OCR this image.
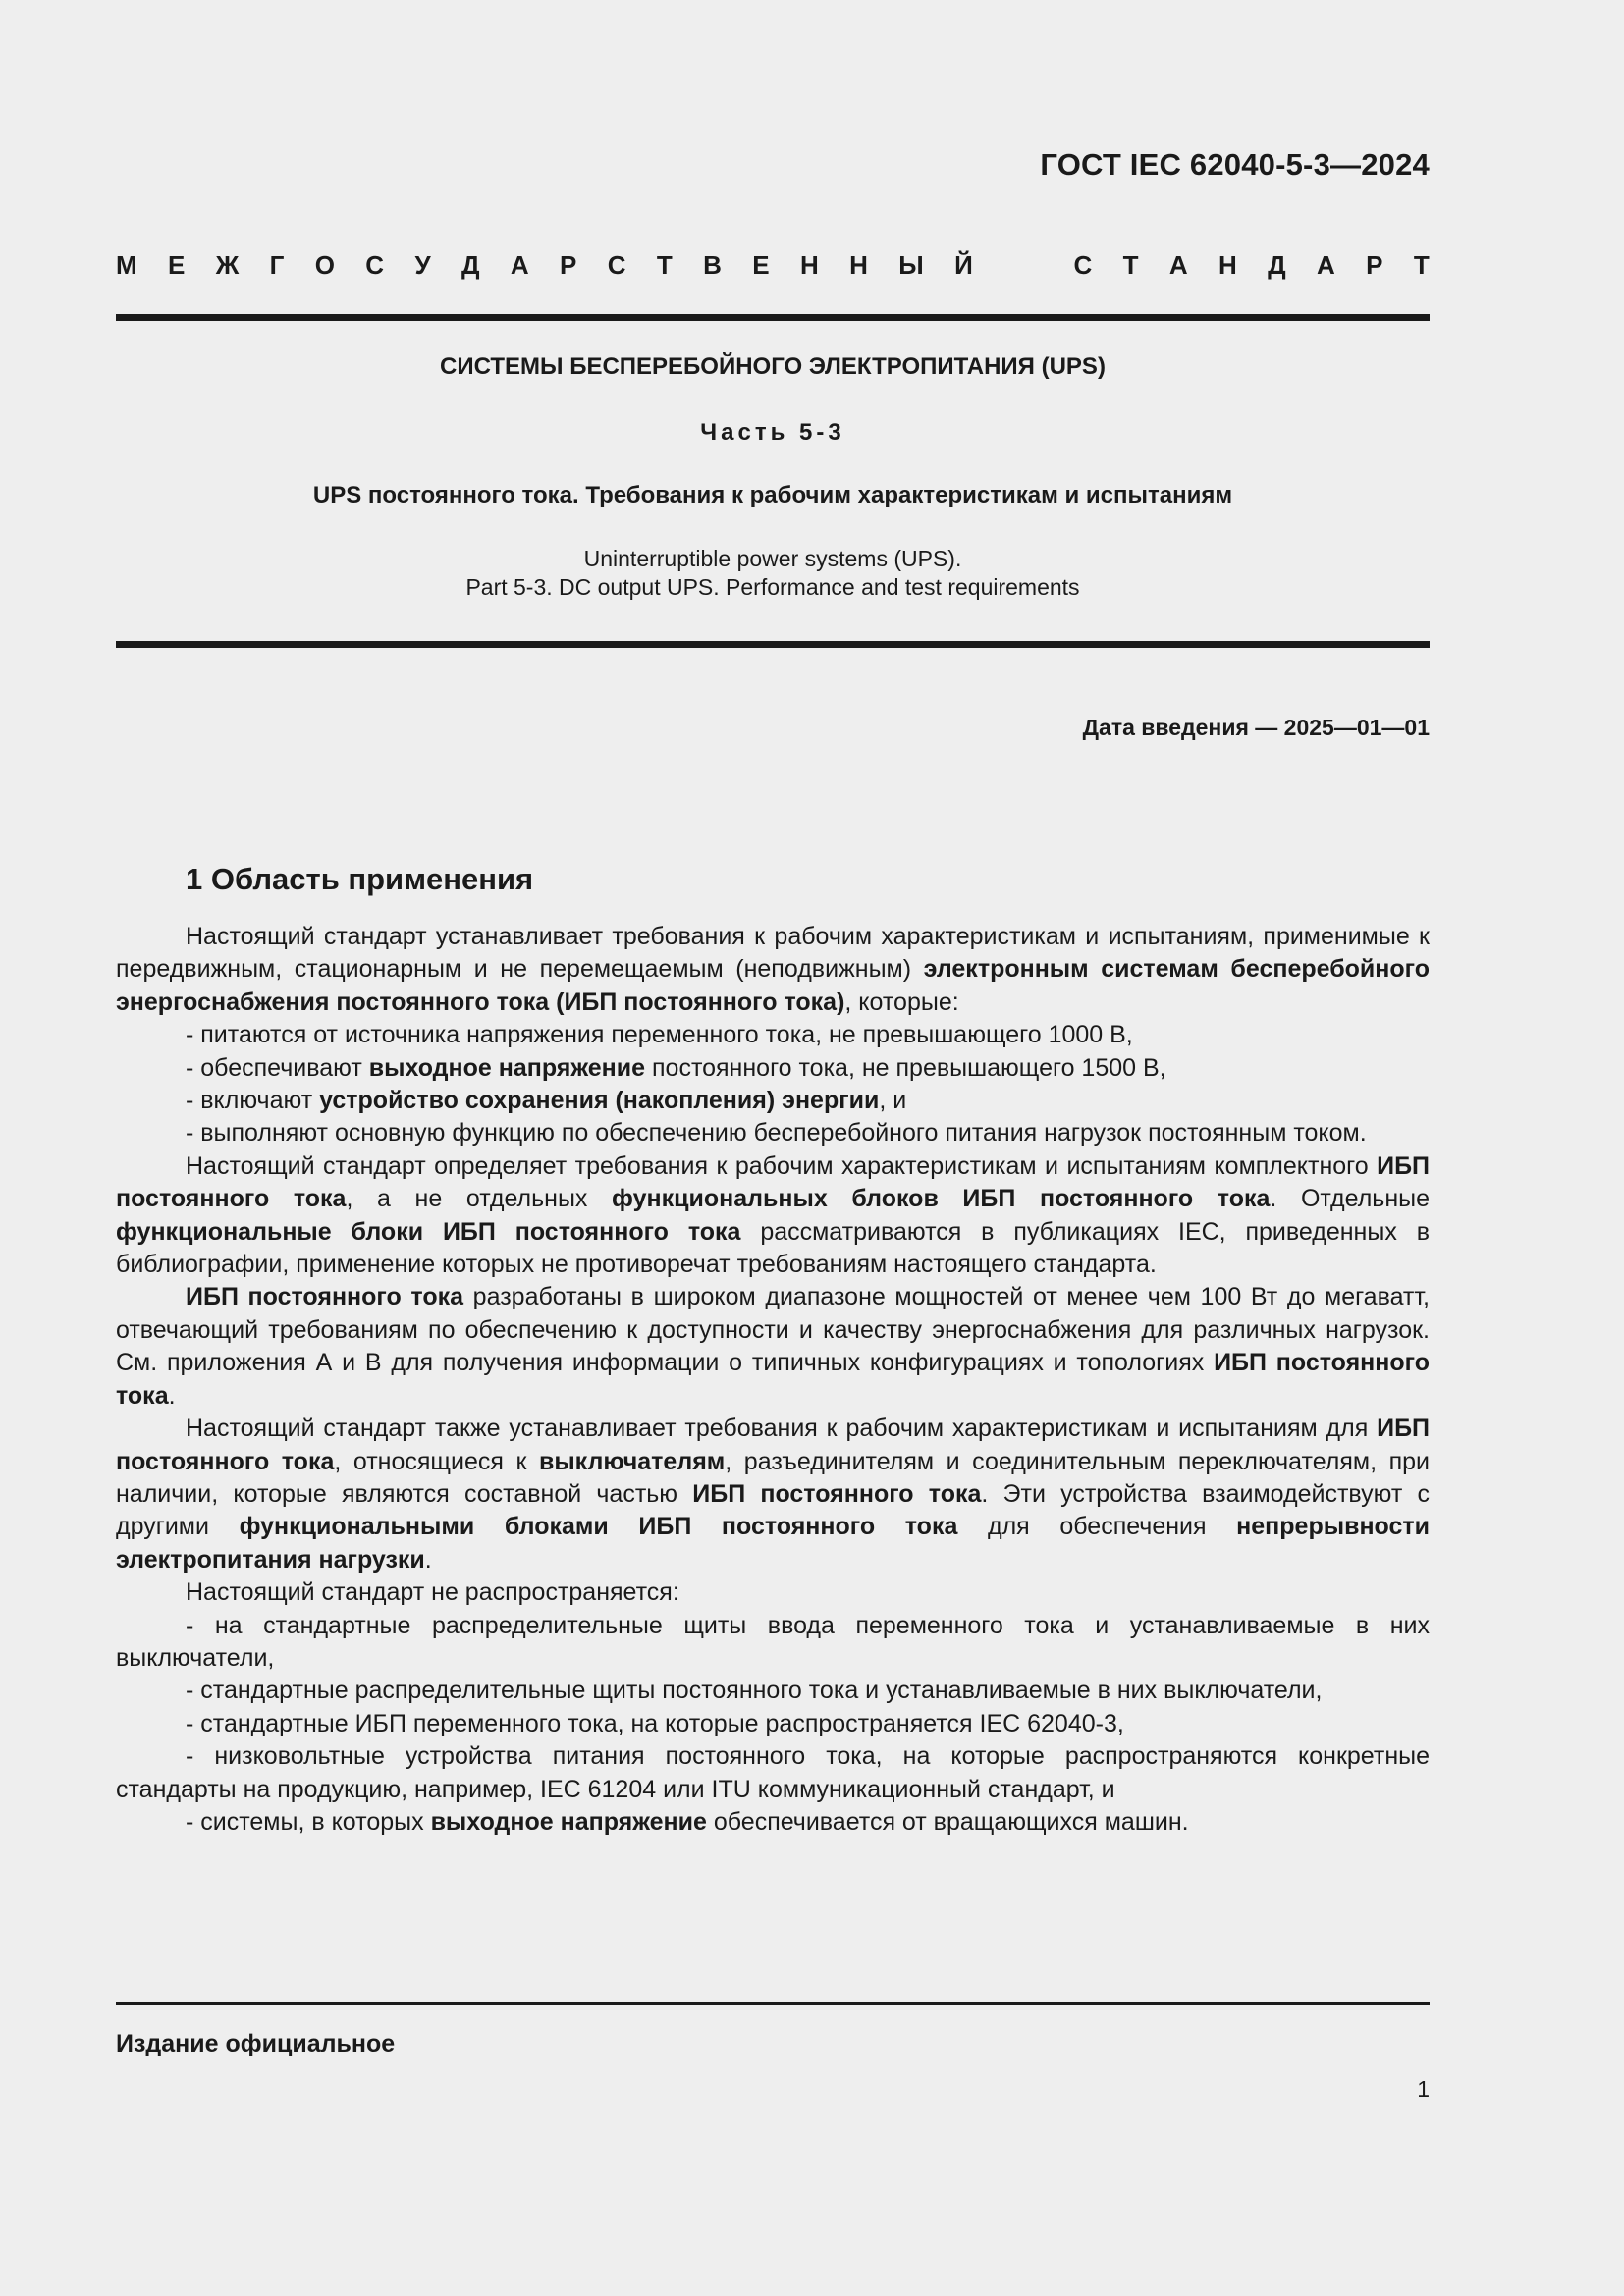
ГОСТ IEC 62040-5-3—2024
М Е Ж Г О С У Д А Р С Т В Е Н Н Ы Й	С Т А Н Д А Р Т
СИСТЕМЫ БЕСПЕРЕБОЙНОГО ЭЛЕКТРОПИТАНИЯ (UPS)
Часть 5-3
UPS постоянного тока. Требования к рабочим характеристикам и испытаниям
Uninterruptible power systems (UPS).
Part 5-3. DC output UPS. Performance and test requirements
Дата введения — 2025—01—01
1 Область применения

Настоящий стандарт устанавливает требования к рабочим характеристикам и испытаниям, применимые к передвижным, стационарным и не перемещаемым (неподвижным) электронным системам бесперебойного энергоснабжения постоянного тока (ИБП постоянного тока), которые:

- питаются от источника напряжения переменного тока, не превышающего 1000 В,

- обеспечивают выходное напряжение постоянного тока, не превышающего 1500 В,

- включают устройство сохранения (накопления) энергии, и

- выполняют основную функцию по обеспечению бесперебойного питания нагрузок постоянным током.

Настоящий стандарт определяет требования к рабочим характеристикам и испытаниям комплектного ИБП постоянного тока, а не отдельных функциональных блоков ИБП постоянного тока. Отдельные функциональные блоки ИБП постоянного тока рассматриваются в публикациях IEC, приведенных в библиографии, применение которых не противоречат требованиям настоящего стандарта.

ИБП постоянного тока разработаны в широком диапазоне мощностей от менее чем 100 Вт до мегаватт, отвечающий требованиям по обеспечению к доступности и качеству энергоснабжения для различных нагрузок. См. приложения А и В для получения информации о типичных конфигурациях и топологиях ИБП постоянного тока.

Настоящий стандарт также устанавливает требования к рабочим характеристикам и испытаниям для ИБП постоянного тока, относящиеся к выключателям, разъединителям и соединительным переключателям, при наличии, которые являются составной частью ИБП постоянного тока. Эти устройства взаимодействуют с другими функциональными блоками ИБП постоянного тока для обеспечения непрерывности электропитания нагрузки.

Настоящий стандарт не распространяется:

- на стандартные распределительные щиты ввода переменного тока и устанавливаемые в них выключатели,

- стандартные распределительные щиты постоянного тока и устанавливаемые в них выключатели,

- стандартные ИБП переменного тока, на которые распространяется IEC 62040-3,

- низковольтные устройства питания постоянного тока, на которые распространяются конкретные стандарты на продукцию, например, IEC 61204 или ITU коммуникационный стандарт, и

- системы, в которых выходное напряжение обеспечивается от вращающихся машин.

Издание официальное
1
